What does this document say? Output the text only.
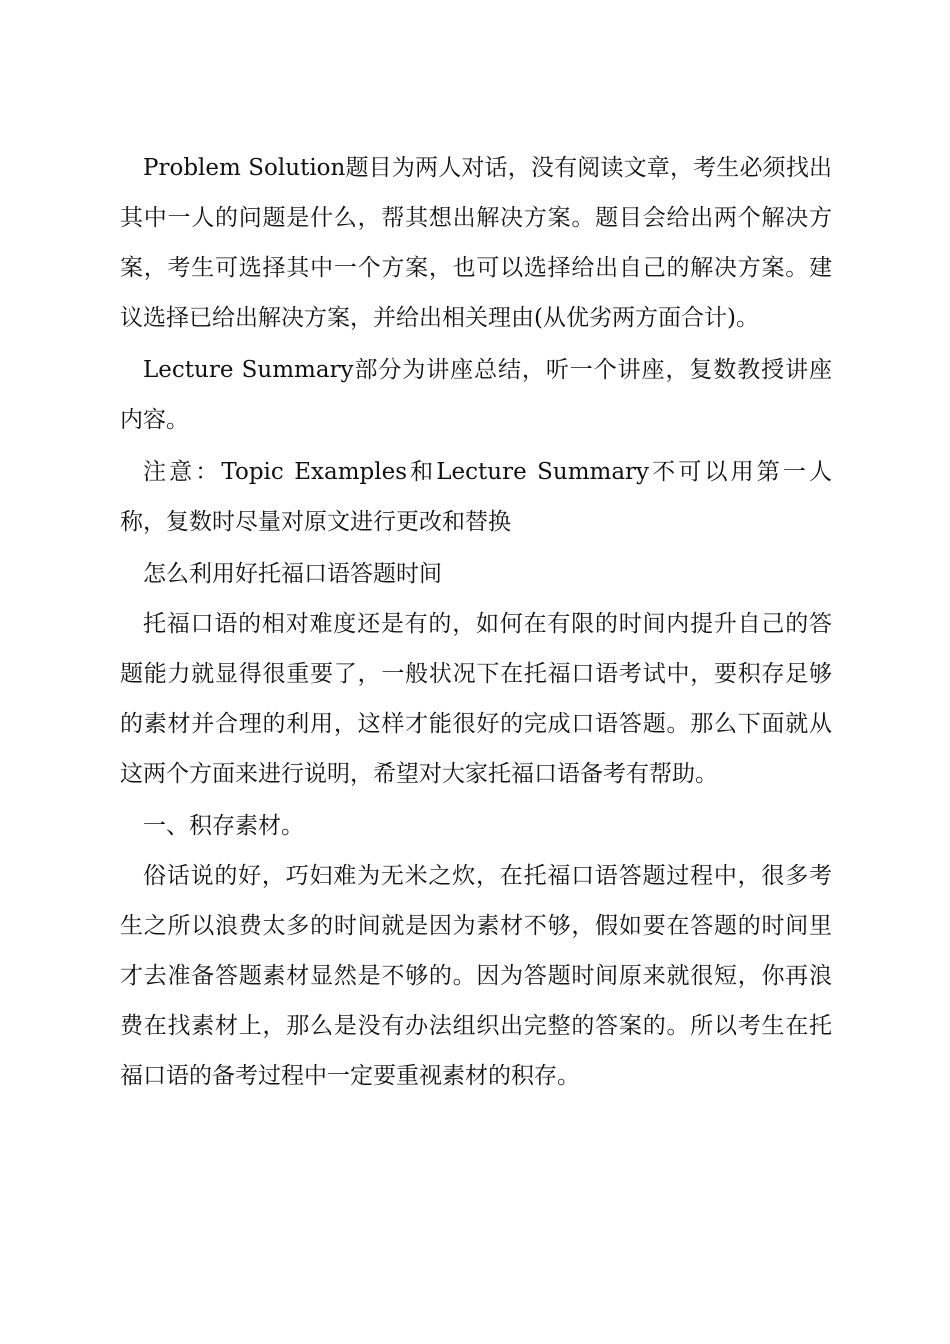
Problem Solution题目为两人对话，没有阅读文章，考生必须找出其中一人的问题是什么，帮其想出解决方案。题目会给出两个解决方案，考生可选择其中一个方案，也可以选择给出自己的解决方案。建议选择已给出解决方案，并给出相关理由(从优劣两方面合计)。

Lecture Summary部分为讲座总结，听一个讲座，复数教授讲座内容。

注意：Topic Examples和Lecture Summary不可以用第一人称，复数时尽量对原文进行更改和替换

怎么利用好托福口语答题时间

托福口语的相对难度还是有的，如何在有限的时间内提升自己的答题能力就显得很重要了，一般状况下在托福口语考试中，要积存足够的素材并合理的利用，这样才能很好的完成口语答题。那么下面就从这两个方面来进行说明，希望对大家托福口语备考有帮助。

一、积存素材。

俗话说的好，巧妇难为无米之炊，在托福口语答题过程中，很多考生之所以浪费太多的时间就是因为素材不够，假如要在答题的时间里才去准备答题素材显然是不够的。因为答题时间原来就很短，你再浪费在找素材上，那么是没有办法组织出完整的答案的。所以考生在托福口语的备考过程中一定要重视素材的积存。
